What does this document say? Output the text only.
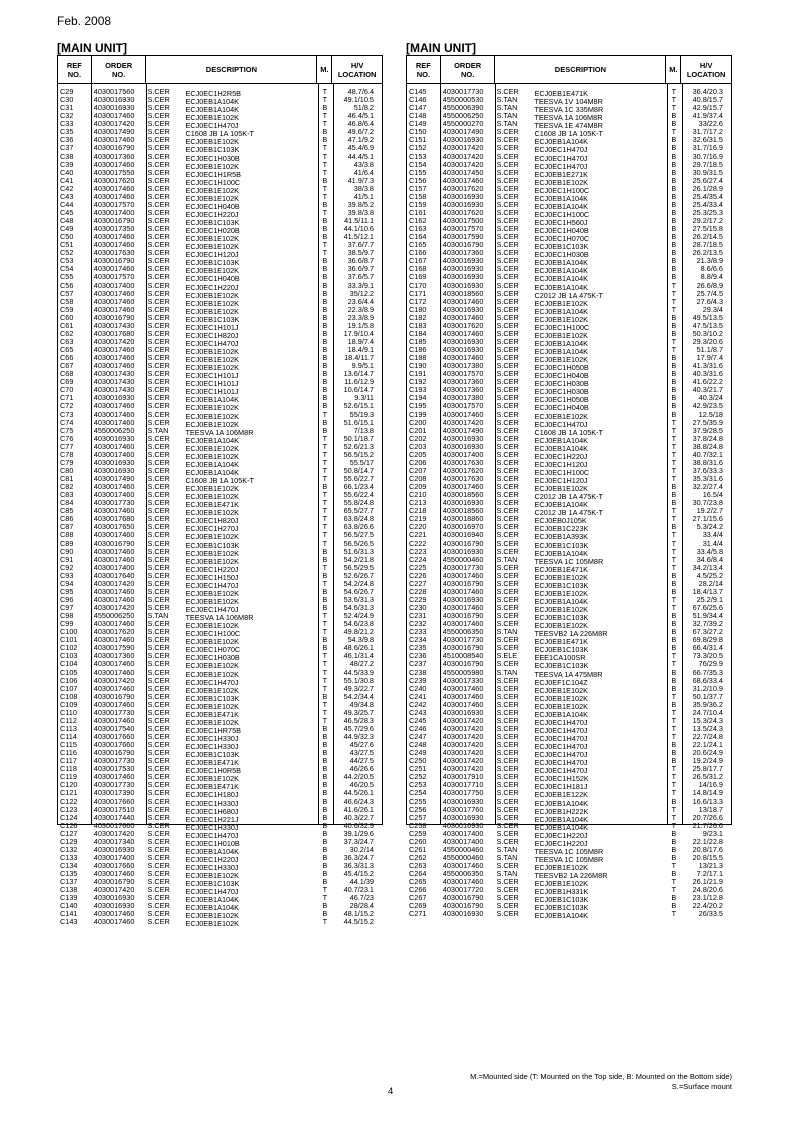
Feb. 2008
[MAIN UNIT]	[MAIN UNIT]
REF
NO.
ORDER
NO.	DESCRIPTION	M.	H/V
LOCATION
C29	4030017560	S.CER ECJ0EC1H2R5B	T	48.7/6.4
C30	4030016930	S.CER ECJ0EB1A104K	T	49.1/10.5
C31	4030016930	S.CER ECJ0EB1A104K	B	51/8.2
C32	4030017460	S.CER ECJ0EB1E102K	T	46.4/5.1
C33	4030017420	S.CER ECJ0EC1H470J	T	46.8/6.4
C35	4030017490	S.CER C1608 JB 1A 105K-T	B	49.6/7.2
C36	4030017460	S.CER ECJ0EB1E102K	B	47.1/9.2
C37	4030016790	S.CER ECJ0EB1C103K	T	45.4/6.9
C38	4030017360	S.CER ECJ0EC1H030B	T	44.4/5.1
C39	4030017460	S.CER ECJ0EB1E102K	T	43/3.8
C40	4030017550	S.CER ECJ0EC1H1R5B	T	41/6.4
C41	4030017620	S.CER ECJ0EC1H100C	B	41.9/7.3
C42	4030017460	S.CER ECJ0EB1E102K	T	38/3.8
C43	4030017460	S.CER ECJ0EB1E102K	T	41/5.1
C44	4030017570	S.CER ECJ0EC1H040B	B	39.8/5.2
C45	4030017400	S.CER ECJ0EC1H220J	T	39.8/3.8
C48	4030016790	S.CER ECJ0EB1C103K	B	41.5/11.1
C49	4030017350	S.CER ECJ0EC1H020B	B	44.1/10.6
C50	4030017460	S.CER ECJ0EB1E102K	B	41.5/12.1
C51	4030017460	S.CER ECJ0EB1E102K	T	37.6/7.7
C52	4030017630	S.CER ECJ0EC1H120J	T	38.5/9.7
C53	4030016790	S.CER ECJ0EB1C103K	B	36.6/8.7
C54	4030017460	S.CER ECJ0EB1E102K	B	36.6/9.7
C55	4030017570	S.CER ECJ0EC1H040B	B	37.6/5.7
C56	4030017400	S.CER ECJ0EC1H220J	B	33.3/9.1
C57	4030017460	S.CER ECJ0EB1E102K	B	35/12.2
C58	4030017460	S.CER ECJ0EB1E102K	B	23.6/4.4
C59	4030017460	S.CER ECJ0EB1E102K	B	22.3/8.9
C60	4030016790	S.CER ECJ0EB1C103K	B	23.3/8.9
C61	4030017430	S.CER ECJ0EC1H101J	B	19.1/5.8
C62	4030017680	S.CER ECJ0EC1H820J	B	17.9/10.4
C63	4030017420	S.CER ECJ0EC1H470J	B	18.9/7.4
C65	4030017460	S.CER ECJ0EB1E102K	B	18.4/9.1
C66	4030017460	S.CER ECJ0EB1E102K	B	18.4/11.7
C67	4030017460	S.CER ECJ0EB1E102K	B	9.9/5.1
C68	4030017430	S.CER ECJ0EC1H101J	B	13.6/14.7
C69	4030017430	S.CER ECJ0EC1H101J	B	11.6/12.9
C70	4030017430	S.CER ECJ0EC1H101J	B	10.6/14.7
C71	4030016930	S.CER ECJ0EB1A104K	B	9.3/11
C72	4030017460	S.CER ECJ0EB1E102K	B	52.6/15.1
C73	4030017460	S.CER ECJ0EB1E102K	T	55/19.3
C74	4030017460	S.CER ECJ0EB1E102K	B	51.6/15.1
C75	4550006250	S.TAN TEESVA 1A 106M8R	B	7/13.8
C76	4030016930	S.CER ECJ0EB1A104K	T	50.1/18.7
C77	4030017460	S.CER ECJ0EB1E102K	T	52.6/21.3
C78	4030017460	S.CER ECJ0EB1E102K	T	56.5/15.2
C79	4030016930	S.CER ECJ0EB1A104K	T	55.5/17
C80	4030016930	S.CER ECJ0EB1A104K	T	50.8/14.7
C81	4030017490	S.CER C1608 JB 1A 105K-T	T	55.6/22.7
C82	4030017460	S.CER ECJ0EB1E102K	B	66.1/23.4
C83	4030017460	S.CER ECJ0EB1E102K	T	55.6/22.4
C84	4030017730	S.CER ECJ0EB1E471K	T	55.8/24.8
C85	4030017460	S.CER ECJ0EB1E102K	T	65.5/27.7
C86	4030017680	S.CER ECJ0EC1H820J	T	63.8/24.8
C87	4030017650	S.CER ECJ0EC1H270J	T	63.8/26.6
C88	4030017460	S.CER ECJ0EB1E102K	T	56.5/27.5
C89	4030016790	S.CER ECJ0EB1C103K	T	56.5/26.5
C90	4030017460	S.CER ECJ0EB1E102K	B	51.6/31.3
C91	4030017460	S.CER ECJ0EB1E102K	B	54.2/21.8
C92	4030017400	S.CER ECJ0EC1H220J	T	56.5/29.5
C93	4030017640	S.CER ECJ0EC1H150J	B	52.6/26.7
C94	4030017420	S.CER ECJ0EC1H470J	T	54.2/24.8
C95	4030017460	S.CER ECJ0EB1E102K	B	54.6/26.7
C96	4030017460	S.CER ECJ0EB1E102K	B	53.6/31.3
C97	4030017420	S.CER ECJ0EC1H470J	B	54.6/31.3
C98	4550006250	S.TAN TEESVA 1A 106M8R	T	52.4/24.9
C99	4030017460	S.CER ECJ0EB1E102K	T	54.6/23.8
C100	4030017620	S.CER ECJ0EC1H100C	T	49.8/21.2
C101	4030017460	S.CER ECJ0EB1E102K	B	54.3/9.8
C102	4030017590	S.CER ECJ0EC1H070C	B	48.6/26.1
C103	4030017360	S.CER ECJ0EC1H030B	T	46.1/31.4
C104	4030017460	S.CER ECJ0EB1E102K	T	48/27.2
C105	4030017460	S.CER ECJ0EB1E102K	T	44.5/33.9
C106	4030017420	S.CER ECJ0EC1H470J	T	55.1/30.8
C107	4030017460	S.CER ECJ0EB1E102K	T	49.3/22.7
C108	4030016790	S.CER ECJ0EB1C103K	B	54.2/34.4
C109	4030017460	S.CER ECJ0EB1E102K	T	49/34.8
C110	4030017730	S.CER ECJ0EB1E471K	T	49.3/25.7
C112	4030017460	S.CER ECJ0EB1E102K	T	46.5/28.3
C113	4030017540	S.CER ECJ0EC1HR75B	B	45.7/29.6
C114	4030017660	S.CER ECJ0EC1H330J	B	44.9/32.3
C115	4030017660	S.CER ECJ0EC1H330J	B	45/27.6
C116	4030016790	S.CER ECJ0EB1C103K	B	43/27.5
C117	4030017730	S.CER ECJ0EB1E471K	B	44/27.5
C118	4030017530	S.CER ECJ0EC1H0R5B	B	46/26.6
C119	4030017460	S.CER ECJ0EB1E102K	B	44.2/20.5
C120	4030017730	S.CER ECJ0EB1E471K	B	46/20.5
C121	4030017390	S.CER ECJ0EC1H180J	B	44.5/26.1
C122	4030017660	S.CER ECJ0EC1H330J	B	46.6/24.3
C123	4030017510	S.CER ECJ0EC1H680J	B	41.6/26.1
C124	4030017440	S.CER ECJ0EC1H221J	B	40.3/22.7
C126	4030017660	S.CER ECJ0EC1H330J	B	40.6/32.9
C127	4030017420	S.CER ECJ0EC1H470J	B	39.1/29.6
C129	4030017340	S.CER ECJ0EC1H010B	B	37.3/24.7
C132	4030016930	S.CER ECJ0EB1A104K	B	30.2/14
C133	4030017400	S.CER ECJ0EC1H220J	B	36.3/24.7
C134	4030017660	S.CER ECJ0EC1H330J	B	36.3/31.3
C135	4030017460	S.CER ECJ0EB1E102K	B	45.4/15.2
C137	4030016790	S.CER ECJ0EB1C103K	B	44.1/39
C138	4030017420	S.CER ECJ0EC1H470J	T	40.7/23.1
C139	4030016930	S.CER ECJ0EB1A104K	T	46.7/23
C140	4030016930	S.CER ECJ0EB1A104K	B	28/28.4
C141	4030017460	S.CER ECJ0EB1E102K	B	48.1/15.2
C143	4030017460	S.CER ECJ0EB1E102K	T	44.5/15.2
REF
NO.
ORDER
NO.	DESCRIPTION	M.	H/V
LOCATION
C145	4030017730	S.CER ECJ0EB1E471K	T	36.4/20.3
C146	4550000530	S.TAN TEESVA 1V 104M8R	T	40.8/15.7
C147	4550006390	S.TAN TEESVA 1C 335M8R	T	42.9/15.7
C148	4550006250	S.TAN TEESVA 1A 106M8R	B	41.9/37.4
C149	4550000270	S.TAN TEESVA 1E 474M8R	B	33/22.6
C150	4030017490	S.CER C1608 JB 1A 105K-T	T	31.7/17.2
C151	4030016930	S.CER ECJ0EB1A104K	B	32.6/31.5
C152	4030017420	S.CER ECJ0EC1H470J	B	31.7/16.9
C153	4030017420	S.CER ECJ0EC1H470J	B	30.7/16.9
C154	4030017420	S.CER ECJ0EC1H470J	B	29.7/18.5
C155	4030017450	S.CER ECJ0EB1E271K	B	30.9/31.5
C156	4030017460	S.CER ECJ0EB1E102K	B	25.6/27.4
C157	4030017620	S.CER ECJ0EC1H100C	B	26.1/28.9
C158	4030016930	S.CER ECJ0EB1A104K	B	25.4/35.4
C159	4030016930	S.CER ECJ0EB1A104K	B	25.4/33.4
C161	4030017620	S.CER ECJ0EC1H100C	B	25.3/25.3
C162	4030017500	S.CER ECJ0EC1H560J	B	29.2/17.2
C163	4030017570	S.CER ECJ0EC1H040B	B	27.5/15.8
C164	4030017590	S.CER ECJ0EC1H070C	B	26.2/14.5
C165	4030016790	S.CER ECJ0EB1C103K	B	28.7/18.5
C166	4030017360	S.CER ECJ0EC1H030B	B	26.2/13.5
C167	4030016930	S.CER ECJ0EB1A104K	B	21.3/8.9
C168	4030016930	S.CER ECJ0EB1A104K	B	8.6/6.6
C169	4030016930	S.CER ECJ0EB1A104K	B	8.8/9.4
C170	4030016930	S.CER ECJ0EB1A104K	T	26.6/8.9
C171	4030018560	S.CER C2012 JB 1A 475K-T	T	25.7/4.5
C172	4030017460	S.CER ECJ0EB1E102K	T	27.6/4.3
C180	4030016930	S.CER ECJ0EB1A104K	T	29.3/4
C182	4030017460	S.CER ECJ0EB1E102K	B	49.5/13.5
C183	4030017620	S.CER ECJ0EC1H100C	B	47.5/13.5
C184	4030017460	S.CER ECJ0EB1E102K	B	50.3/10.2
C185	4030016930	S.CER ECJ0EB1A104K	T	29.3/20.6
C186	4030016930	S.CER ECJ0EB1A104K	T	51.1/8.7
C188	4030017460	S.CER ECJ0EB1E102K	B	17.9/7.4
C190	4030017380	S.CER ECJ0EC1H050B	B	41.3/31.6
C191	4030017570	S.CER ECJ0EC1H040B	B	40.3/31.6
C192	4030017360	S.CER ECJ0EC1H030B	B	41.6/22.2
C193	4030017360	S.CER ECJ0EC1H030B	B	40.3/21.7
C194	4030017380	S.CER ECJ0EC1H050B	B	40.3/24
C195	4030017570	S.CER ECJ0EC1H040B	B	42.9/23.5
C199	4030017460	S.CER ECJ0EB1E102K	B	12.5/18
C200	4030017420	S.CER ECJ0EC1H470J	T	27.5/35.9
C201	4030017490	S.CER C1608 JB 1A 105K-T	T	37.9/28.5
C202	4030016930	S.CER ECJ0EB1A104K	T	37.8/24.8
C203	4030016930	S.CER ECJ0EB1A104K	T	38.8/24.8
C205	4030017400	S.CER ECJ0EC1H220J	T	40.7/32.1
C206	4030017630	S.CER ECJ0EC1H120J	T	38.8/31.6
C207	4030017620	S.CER ECJ0EC1H100C	T	37.6/33.3
C208	4030017630	S.CER ECJ0EC1H120J	T	35.3/31.6
C209	4030017460	S.CER ECJ0EB1E102K	B	32.2/27.4
C210	4030018560	S.CER C2012 JB 1A 475K-T	B	16.5/4
C213	4030016930	S.CER ECJ0EB1A104K	B	30.7/23.8
C218	4030018560	S.CER C2012 JB 1A 475K-T	T	19.2/2.7
C219	4030018860	S.CER ECJ0EB0J105K	T	27.1/15.6
C220	4030016970	S.CER ECJ0EB1C223K	B	5.3/24.2
C221	4030016940	S.CER ECJ0EB1A393K	T	33.4/4
C222	4030016790	S.CER ECJ0EB1C103K	T	31.4/4
C223	4030016930	S.CER ECJ0EB1A104K	T	33.4/5.8
C224	4550000460	S.TAN TEESVA 1C 105M8R	T	34.6/8.4
C225	4030017730	S.CER ECJ0EB1E471K	T	34.2/13.4
C226	4030017460	S.CER ECJ0EB1E102K	B	4.5/25.2
C227	4030016790	S.CER ECJ0EB1C103K	B	28.2/14
C228	4030017460	S.CER ECJ0EB1E102K	B	18.4/13.7
C229	4030016930	S.CER ECJ0EB1A104K	T	25.2/9.1
C230	4030017460	S.CER ECJ0EB1E102K	T	67.6/25.6
C231	4030016790	S.CER ECJ0EB1C103K	B	51.9/34.4
C232	4030017460	S.CER ECJ0EB1E102K	B	32.7/39.2
C233	4550006350	S.TAN TEESVB2 1A 226M8R	B	67.3/27.2
C234	4030017730	S.CER ECJ0EB1E471K	B	69.8/29.8
C235	4030016790	S.CER ECJ0EB1C103K	B	66.4/31.4
C236	4510008540	S.ELE EEE1CA100SR	T	73.3/20.5
C237	4030016790	S.CER ECJ0EB1C103K	T	76/29.9
C238	4550005980	S.TAN TEESVA 1A 475M8R	B	66.7/35.3
C239	4030017330	S.CER ECJ0EF1C104Z	B	68.6/33.4
C240	4030017460	S.CER ECJ0EB1E102K	B	31.2/10.9
C241	4030017460	S.CER ECJ0EB1E102K	T	50.1/37.7
C242	4030017460	S.CER ECJ0EB1E102K	B	35.9/36.2
C243	4030016930	S.CER ECJ0EB1A104K	T	24.7/10.4
C245	4030017420	S.CER ECJ0EC1H470J	T	15.3/24.3
C246	4030017420	S.CER ECJ0EC1H470J	T	13.5/24.3
C247	4030017420	S.CER ECJ0EC1H470J	T	22.7/24.8
C248	4030017420	S.CER ECJ0EC1H470J	B	22.1/24.1
C249	4030017420	S.CER ECJ0EC1H470J	B	20.6/24.9
C250	4030017420	S.CER ECJ0EC1H470J	B	19.2/24.9
C251	4030017420	S.CER ECJ0EC1H470J	T	25.8/17.7
C252	4030017910	S.CER ECJ0EC1H152K	T	26.5/31.2
C253	4030017710	S.CER ECJ0EC1H181J	T	14/16.9
C254	4030017750	S.CER ECJ0EB1E122K	T	14.8/14.9
C255	4030016930	S.CER ECJ0EB1A104K	B	16.6/13.3
C256	4030017760	S.CER ECJ0EB1H222K	T	13/18.7
C257	4030016930	S.CER ECJ0EB1A104K	T	20.7/26.6
C258	4030016930	S.CER ECJ0EB1A104K	T	21.7/26.6
C259	4030017400	S.CER ECJ0EC1H220J	B	9/23.1
C260	4030017400	S.CER ECJ0EC1H220J	B	22.1/22.8
C261	4550000460	S.TAN TEESVA 1C 105M8R	B	20.8/17.6
C262	4550000460	S.TAN TEESVA 1C 105M8R	B	20.8/15.5
C263	4030017460	S.CER ECJ0EB1E102K	T	13/21.3
C264	4550006350	S.TAN TEESVB2 1A 226M8R	B	7.2/17.1
C265	4030017460	S.CER ECJ0EB1E102K	T	26.1/21.9
C266	4030017720	S.CER ECJ0EB1H331K	T	24.8/20.6
C267	4030016790	S.CER ECJ0EB1C103K	B	23.1/12.8
C269	4030016790	S.CER ECJ0EB1C103K	B	22.4/20.2
C271	4030016930	S.CER ECJ0EB1A104K	T	26/33.5
M.=Mounted side (T: Mounted on the Top side, B: Mounted on the Bottom side)
S.=Surface mount
4
